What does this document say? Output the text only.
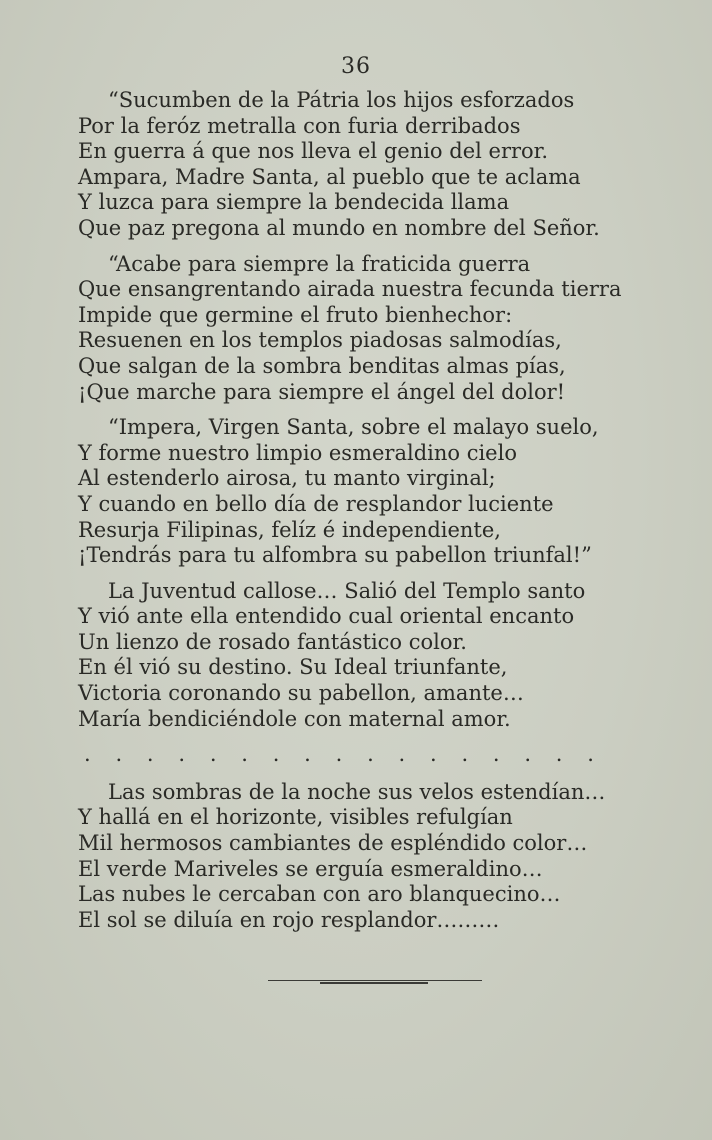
36
“Sucumben de la Pátria los hijos esforzados
Por la feróz metralla con furia derribados
En guerra á que nos lleva el genio del error.
Ampara, Madre Santa, al pueblo que te aclama
Y luzca para siempre la bendecida llama
Que paz pregona al mundo en nombre del Señor.
“Acabe para siempre la fraticida guerra
Que ensangrentando airada nuestra fecunda tierra
Impide que germine el fruto bienhechor:
Resuenen en los templos piadosas salmodías,
Que salgan de la sombra benditas almas pías,
¡Que marche para siempre el ángel del dolor!
“Impera, Virgen Santa, sobre el malayo suelo,
Y forme nuestro limpio esmeraldino cielo
Al estenderlo airosa, tu manto virginal;
Y cuando en bello día de resplandor luciente
Resurja Filipinas, felíz é independiente,
¡Tendrás para tu alfombra su pabellon triunfal!”
La Juventud callose… Salió del Templo santo
Y vió ante ella entendido cual oriental encanto
Un lienzo de rosado fantástico color.
En él vió su destino. Su Ideal triunfante,
Victoria coronando su pabellon, amante…
María bendiciéndole con maternal amor.
. . . . . . . . . . . . . . . . .
Las sombras de la noche sus velos estendían…
Y hallá en el horizonte, visibles refulgían
Mil hermosos cambiantes de espléndido color…
El verde Mariveles se erguía esmeraldino…
Las nubes le cercaban con aro blanquecino…
El sol se diluía en rojo resplandor………
